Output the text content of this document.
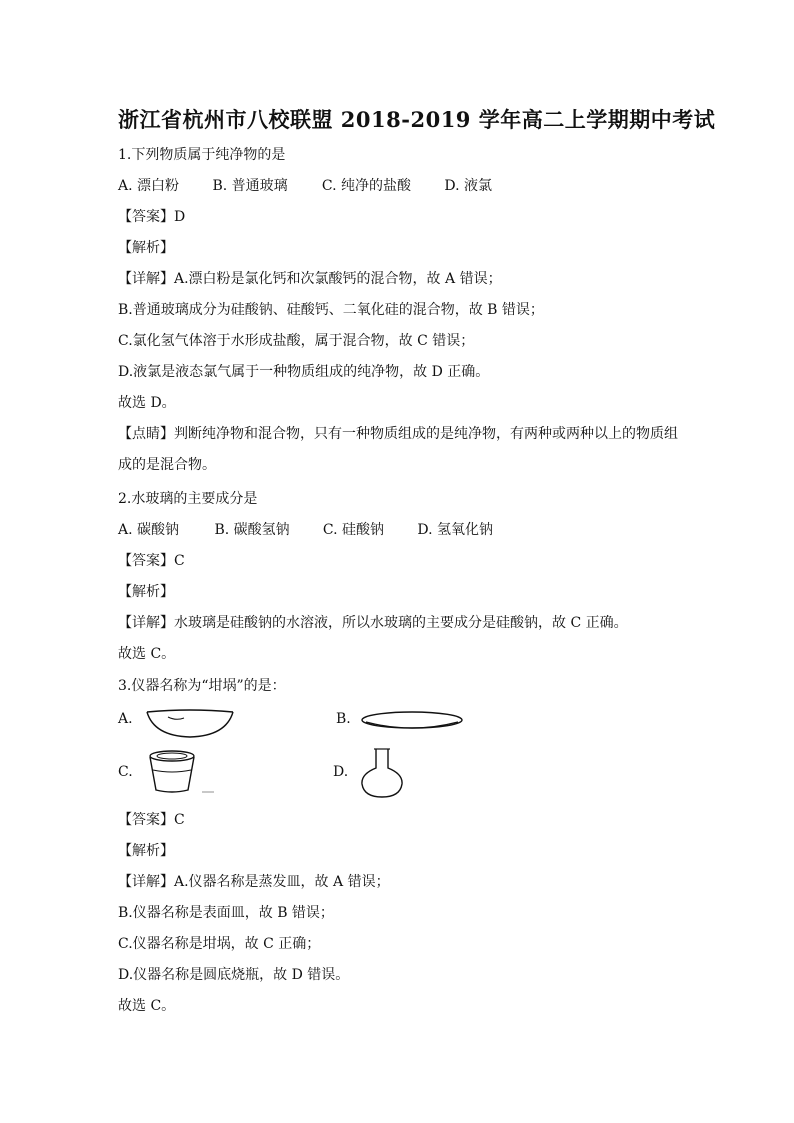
浙江省杭州市八校联盟 2018-2019 学年高二上学期期中考试
1.下列物质属于纯净物的是
A. 漂白粉 B. 普通玻璃 C. 纯净的盐酸 D. 液氯
【答案】D
【解析】
【详解】A.漂白粉是氯化钙和次氯酸钙的混合物，故 A 错误；
B.普通玻璃成分为硅酸钠、硅酸钙、二氧化硅的混合物，故 B 错误；
C.氯化氢气体溶于水形成盐酸，属于混合物，故 C 错误；
D.液氯是液态氯气属于一种物质组成的纯净物，故 D 正确。
故选 D。
【点睛】判断纯净物和混合物，只有一种物质组成的是纯净物，有两种或两种以上的物质组成的是混合物。
2.水玻璃的主要成分是
A. 碳酸钠	B. 碳酸氢钠 C. 硅酸钠 D. 氢氧化钠
【答案】C
【解析】
【详解】水玻璃是硅酸钠的水溶液，所以水玻璃的主要成分是硅酸钠，故 C 正确。
故选 C。
3.仪器名称为“坩埚”的是：
A.	B.
C.	D.
【答案】C
【解析】
【详解】A.仪器名称是蒸发皿，故 A 错误；
B.仪器名称是表面皿，故 B 错误；
C.仪器名称是坩埚，故 C 正确；
D.仪器名称是圆底烧瓶，故 D 错误。
故选 C。
